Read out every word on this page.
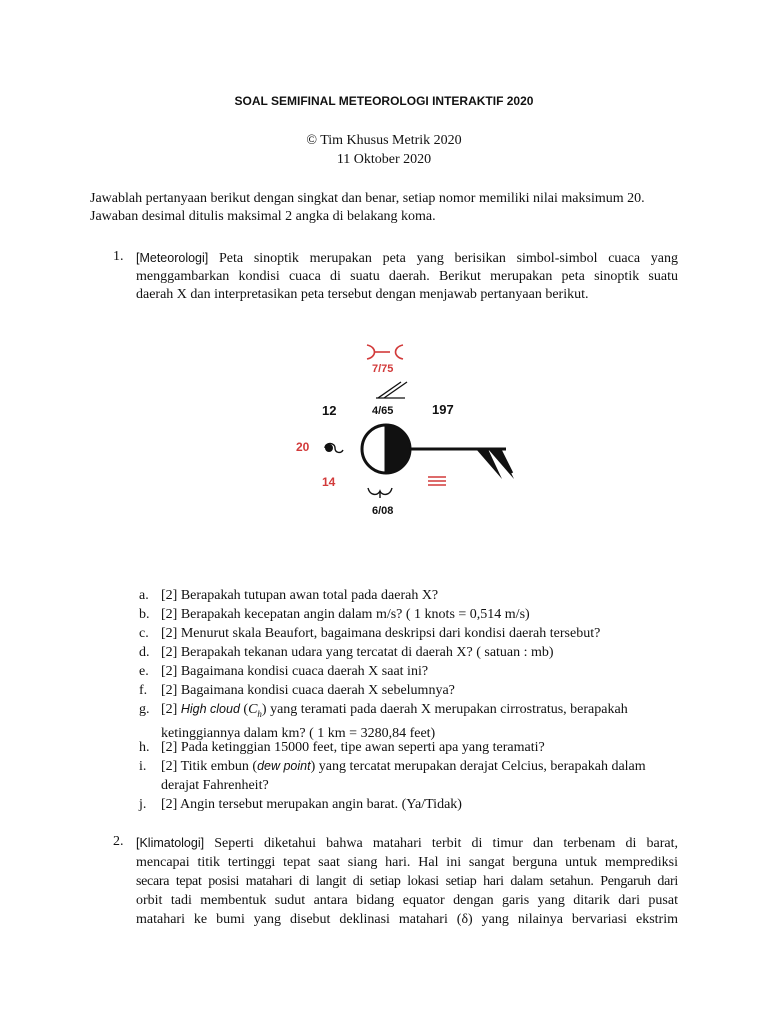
SOAL SEMIFINAL METEOROLOGI INTERAKTIF 2020
© Tim Khusus Metrik 2020
11 Oktober 2020
Jawablah pertanyaan berikut dengan singkat dan benar, setiap nomor memiliki nilai maksimum 20.
Jawaban desimal ditulis maksimal 2 angka di belakang koma.
1. [Meteorologi] Peta sinoptik merupakan peta yang berisikan simbol-simbol cuaca yang
menggambarkan kondisi cuaca di suatu daerah. Berikut merupakan peta sinoptik suatu
daerah X dan interpretasikan peta tersebut dengan menjawab pertanyaan berikut.
7/75
12	4/65	197
20
14
6/08
a. [2] Berapakah tutupan awan total pada daerah X?
b. [2] Berapakah kecepatan angin dalam m/s? ( 1 knots = 0,514 m/s)
c. [2] Menurut skala Beaufort, bagaimana deskripsi dari kondisi daerah tersebut?
d. [2] Berapakah tekanan udara yang tercatat di daerah X? ( satuan : mb)
e. [2] Bagaimana kondisi cuaca daerah X saat ini?
f. [2] Bagaimana kondisi cuaca daerah X sebelumnya?
g. [2] High cloud $(C_h)$ yang teramati pada daerah X merupakan cirrostratus, berapakah
ketinggiannya dalam km? ( 1 km = 3280,84 feet)
h. [2] Pada ketinggian 15000 feet, tipe awan seperti apa yang teramati?
i.	[2] Titik embun (dew point) yang tercatat merupakan derajat Celcius, berapakah dalam
derajat Fahrenheit?
j.	[2] Angin tersebut merupakan angin barat. (Ya/Tidak)
2. [Klimatologi] Seperti diketahui bahwa matahari terbit di timur dan terbenam di barat,
mencapai titik tertinggi tepat saat siang hari. Hal ini sangat berguna untuk memprediksi
secara tepat posisi matahari di langit di setiap lokasi setiap hari dalam setahun. Pengaruh dari
orbit tadi membentuk sudut antara bidang equator dengan garis yang ditarik dari pusat
matahari ke bumi yang disebut deklinasi matahari (δ) yang nilainya bervariasi ekstrim
